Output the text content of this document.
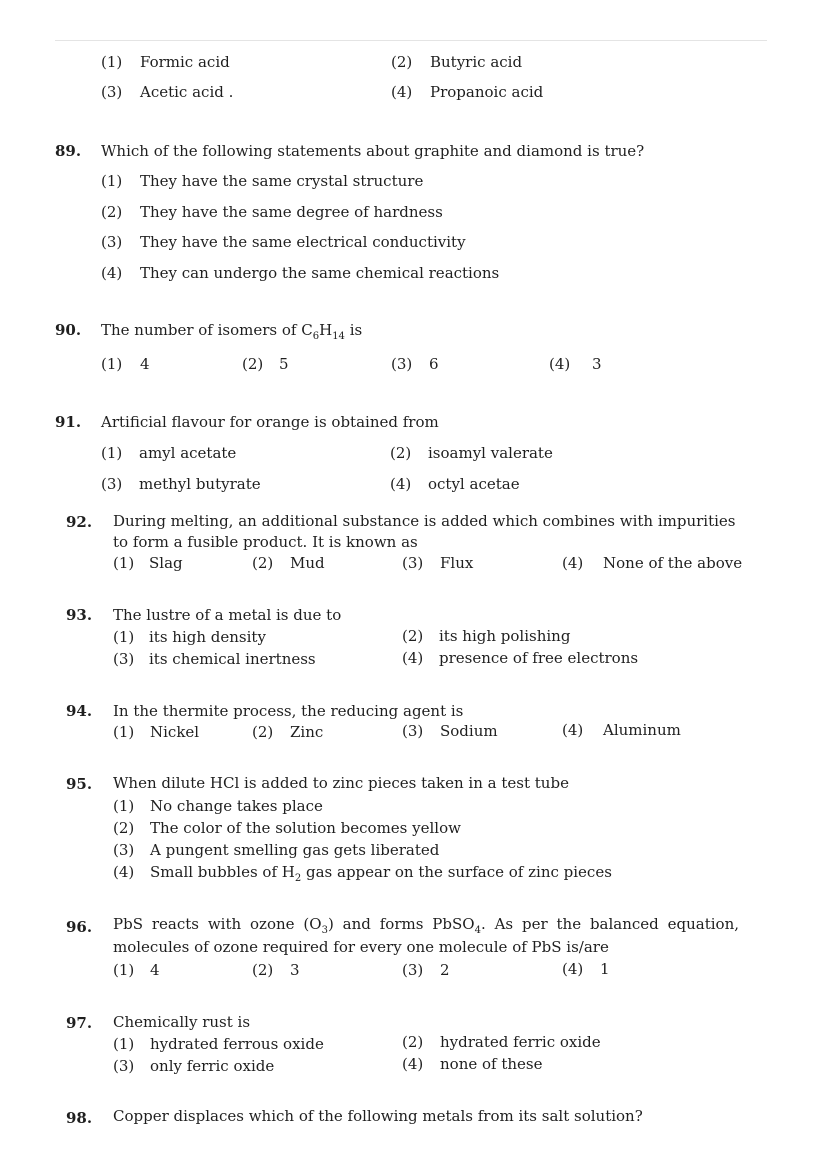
(1) Formic acid	(2) Butyric acid
(3) Acetic acid .	(4) Propanoic acid
89. Which of the following statements about graphite and diamond is true?
(1) They have the same crystal structure
(2) They have the same degree of hardness
(3) They have the same electrical conductivity
(4) They can undergo the same chemical reactions
90. The number of isomers of $C_6H_{14}$ is
(1) 4	(2) 5	(3) 6	(4) 3
91. Artificial flavour for orange is obtained from
(1) amyl acetate	(2) isoamyl valerate
(3) methyl butyrate	(4) octyl acetae
92. During melting, an additional substance is added which combines with impurities to form a fusible product. It is known as
(1) Slag	(2) Mud	(3) Flux	(4) None of the above
93. The lustre of a metal is due to
(1) its high density	(2) its high polishing
(3) its chemical inertness	(4) presence of free electrons
94. In the thermite process, the reducing agent is
(1) Nickel	(2) Zinc	(3) Sodium	(4) Aluminum
95. When dilute HCl is added to zinc pieces taken in a test tube
(1) No change takes place
(2) The color of the solution becomes yellow
(3) A pungent smelling gas gets liberated
(4) Small bubbles of $H_2$ gas appear on the surface of zinc pieces
96. PbS reacts with ozone $(O_3)$ and forms PbSO$_4$. As per the balanced equation,
molecules of ozone required for every one molecule of PbS is/are
(1) 4	(2) 3	(3) 2	(4) 1
97. Chemically rust is
(1) hydrated ferrous oxide	(2) hydrated ferric oxide
(3) only ferric oxide	(4) none of these
98. Copper displaces which of the following metals from its salt solution?
